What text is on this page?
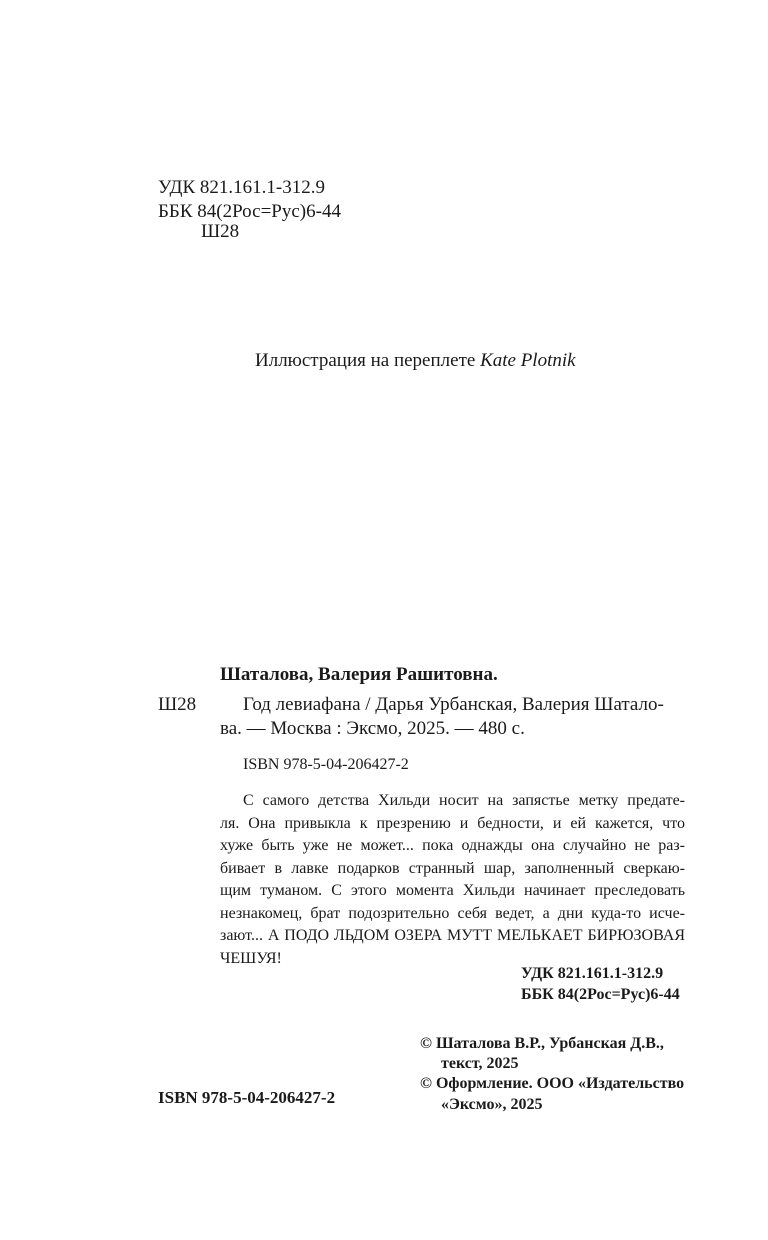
УДК 821.161.1-312.9
ББК 84(2Рос=Рус)6-44
Ш28
Иллюстрация на переплете Kate Plotnik
Шаталова, Валерия Рашитовна.
Ш28 Год левиафана / Дарья Урбанская, Валерия Шатало-
ва. — Москва : Эксмо, 2025. — 480 с.
ISBN 978-5-04-206427-2
С самого детства Хильди носит на запястье метку предате-
ля. Она привыкла к презрению и бедности, и ей кажется, что
хуже быть уже не может... пока однажды она случайно не раз-
бивает в лавке подарков странный шар, заполненный сверкаю-
щим туманом. С этого момента Хильди начинает преследовать
незнакомец, брат подозрительно себя ведет, а дни куда-то исче-
зают... А ПОДО ЛЬДОМ ОЗЕРА МУТТ МЕЛЬКАЕТ БИРЮЗОВАЯ
ЧЕШУЯ!
УДК 821.161.1-312.9
ББК 84(2Рос=Рус)6-44
© Шаталова В.Р., Урбанская Д.В.,
текст, 2025
© Оформление. ООО «Издательство
«Эксмо», 2025
ISBN 978-5-04-206427-2
